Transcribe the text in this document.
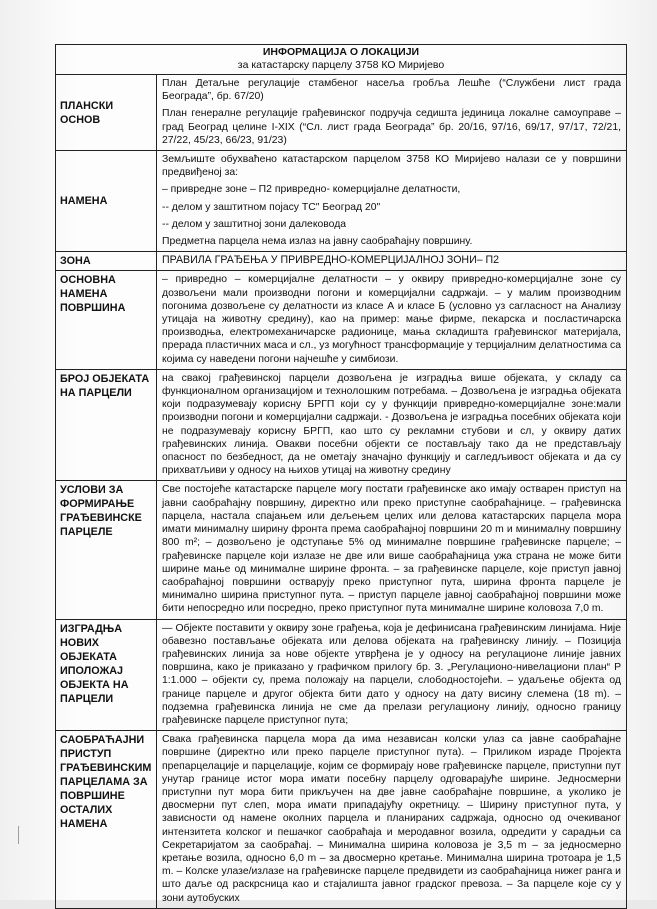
ИНФОРМАЦИЈА О ЛОКАЦИЈИ
за катастарску парцелу 3758 КО Миријево
ПЛАНСКИ ОСНОВ	План Детаљне регулације стамбеног насеља гробља Лешће (“Службени лист града Београда”, бр. 67/20)

План генералне регулације грађевинског подручја седишта јединица локалне самоуправе – град Београд целине I-XIX (“Сл. лист града Београда” бр. 20/16, 97/16, 69/17, 97/17, 72/21, 27/22, 45/23, 66/23, 91/23)

НАМЕНА	Земљиште обухваћено катастарском парцелом 3758 КО Миријево налази се у површини предвиђеној за:

– привредне зоне – П2 привредно- комерцијалне делатности,

-- делом у заштитном појасу ТС" Београд 20"

-- делом у заштитној зони далековода

Предметна парцела нема излаз на јавну саобраћајну површину.

ЗОНА	ПРАВИЛА ГРАЂЕЊА У ПРИВРЕДНО-КОМЕРЦИЈАЛНОЈ ЗОНИ– П2

ОСНОВНА НАМЕНА ПОВРШИНА	– привредно – комерцијалне делатности – у оквиру привредно-комерцијалне зоне су дозвољени мали производни погони и комерцијални садржаји. – у малим производним погонима дозвољене су делатности из класе А и класе Б (условно уз сагласност на Анализу утицаја на животну средину), као на пример: мање фирме, пекарска и посластичарска производња, електромеханичарске радионице, мања складишта грађевинског материјала, прерада пластичних маса и сл., уз могућност трансформације у терцијалним делатностима са којима су наведени погони најчешће у симбиози.

БРОЈ ОБЈЕКАТА НА ПАРЦЕЛИ	на свакој грађевинској парцели дозвољена је изградња више објеката, у складу са функционалном организацијом и технолошким потребама. – Дозвољена је изградња објеката који подразумевају корисну БРГП који су у функцији привредно-комерцијалне зоне:мали производни погони и комерцијални садржаји. - Дозвољена је изградња посебних објеката који не подразумевају корисну БРГП, као што су рекламни стубови и сл, у оквиру датих грађевинских линија. Овакви посебни објекти се постављају тако да не представљају опасност по безбедност, да не ометају значајно функцију и сагледљивост објеката и да су прихватљиви у односу на њихов утицај на животну средину

УСЛОВИ ЗА ФОРМИРАЊЕ ГРАЂЕВИНСКЕ ПАРЦЕЛЕ	Све постојеће катастарске парцеле могу постати грађевинске ако имају остварен приступ на јавни саобраћајну површину, директно или преко приступне саобраћајнице. – грађевинска парцела, настала спајањем или дељењем целих или делова катастарских парцела мора имати минималну ширину фронта према саобраћајној површини 20 m и минималну површину 800 m²; – дозвољено је одступање 5% од минималне површине грађевинске парцеле; – грађевинске парцеле који излазе не две или више саобраћајница ужа страна не може бити ширине мање од минималне ширине фронта. – за грађевинске парцеле, које приступ јавној саобраћајној површини остварују преко приступног пута, ширина фронта парцеле је минимално ширина приступног пута. – приступ парцеле јавној саобраћајној површини може бити непосредно или посредно, преко приступног пута минималне ширине коловоза 7,0 m.

ИЗГРАДЊА НОВИХ ОБЈЕКАТА ИПОЛОЖАЈ ОБЈЕКТА НА ПАРЦЕЛИ	— Објекте поставити у оквиру зоне грађења, која је дефинисана грађевинским линијама. Није обавезно постављање објеката или делова објеката на грађевинску линију. – Позиција грађевинских линија за нове објекте утврђена је у односу на регулационе линије јавних површина, како је приказано у графичком прилогу бр. 3. „Регулационо-нивелациони план“ Р 1:1.000 – објекти су, према положају на парцели, слободностојећи. – удаљење објекта од границе парцеле и другог објекта бити дато у односу на дату висину слемена (18 m). – подземна грађевинска линија не сме да прелази регулациону линију, односно границу грађевинске парцеле приступног пута;

САОБРАЋАЈНИ ПРИСТУП ГРАЂЕВИНСКИМ ПАРЦЕЛАМА ЗА ПОВРШИНЕ ОСТАЛИХ НАМЕНА	Свака грађевинска парцела мора да има независан колски улаз са јавне саобраћајне површине (директно или преко парцеле приступног пута). – Приликом израде Пројекта препарцелације и парцелације, којим се формирају нове грађевинске парцеле, приступни пут унутар границе истог мора имати посебну парцелу одговарајуће ширине. Једносмерни приступни пут мора бити прикључен на две јавне саобраћајне површине, а уколико је двосмерни пут слеп, мора имати припадајућу окретницу. – Ширину приступног пута, у зависности од намене околних парцела и планираних садржаја, односно од очекиваног интензитета колског и пешачког саобраћаја и меродавног возила, одредити у сарадњи са Секретаријатом за саобраћај. – Минимална ширина коловоза је 3,5 m – за једносмерно кретање возила, односно 6,0 m – за двосмерно кретање. Минимална ширина тротоара је 1,5 m. – Колске улазе/излазе на грађевинске парцеле предвидети из саобраћајница нижег ранга и што даље од раскрсница као и стајалишта јавног градског превоза. – За парцеле које су у зони аутобуских
